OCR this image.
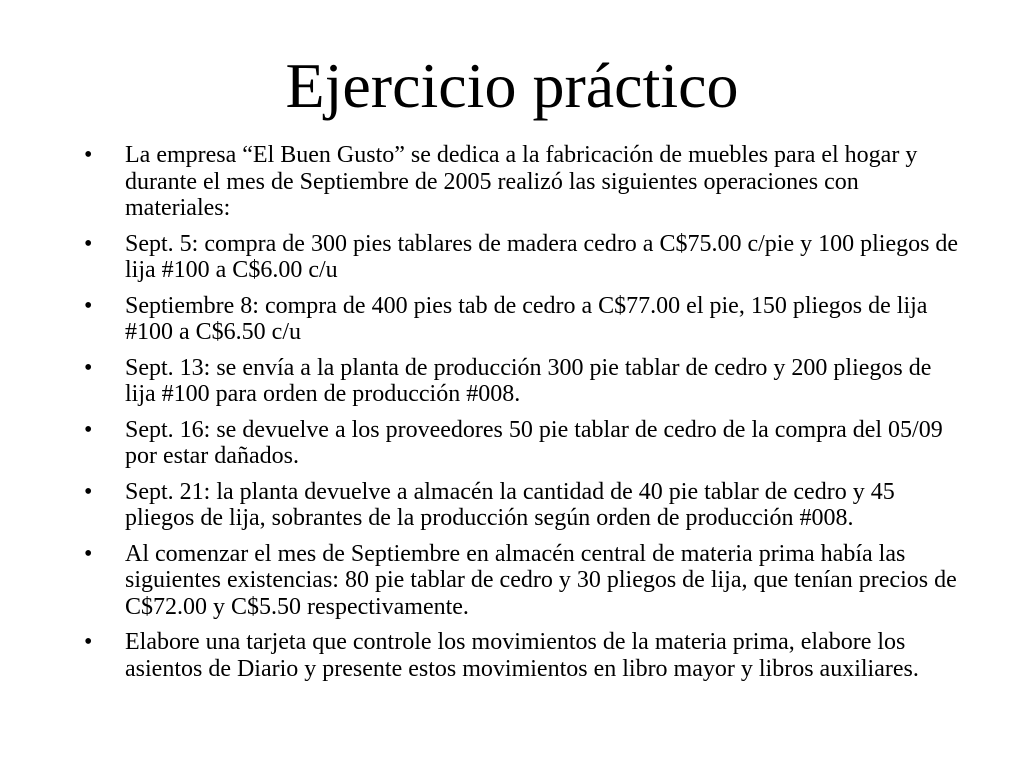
Ejercicio práctico
• La empresa “El Buen Gusto” se dedica a la fabricación de muebles para el hogar y durante el mes de Septiembre de 2005 realizó las siguientes operaciones con materiales:
• Sept. 5: compra de 300 pies tablares de madera cedro a C$75.00 c/pie y 100 pliegos de lija #100 a C$6.00 c/u
• Septiembre 8: compra de 400 pies tab de cedro a C$77.00 el pie, 150 pliegos de lija #100 a C$6.50 c/u
• Sept. 13: se envía a la planta de producción 300 pie tablar de cedro y 200 pliegos de lija #100 para orden de producción #008.
• Sept. 16: se devuelve a los proveedores 50 pie tablar de cedro de la compra del 05/09 por estar dañados.
• Sept. 21: la planta devuelve a almacén la cantidad de 40 pie tablar de cedro y 45 pliegos de lija, sobrantes de la producción según orden de producción #008.
• Al comenzar el mes de Septiembre en almacén central de materia prima había las siguientes existencias: 80 pie tablar de cedro y 30 pliegos de lija, que tenían precios de C$72.00 y C$5.50 respectivamente.
• Elabore una tarjeta que controle los movimientos de la materia prima, elabore los asientos de Diario y presente estos movimientos en libro mayor y libros auxiliares.
